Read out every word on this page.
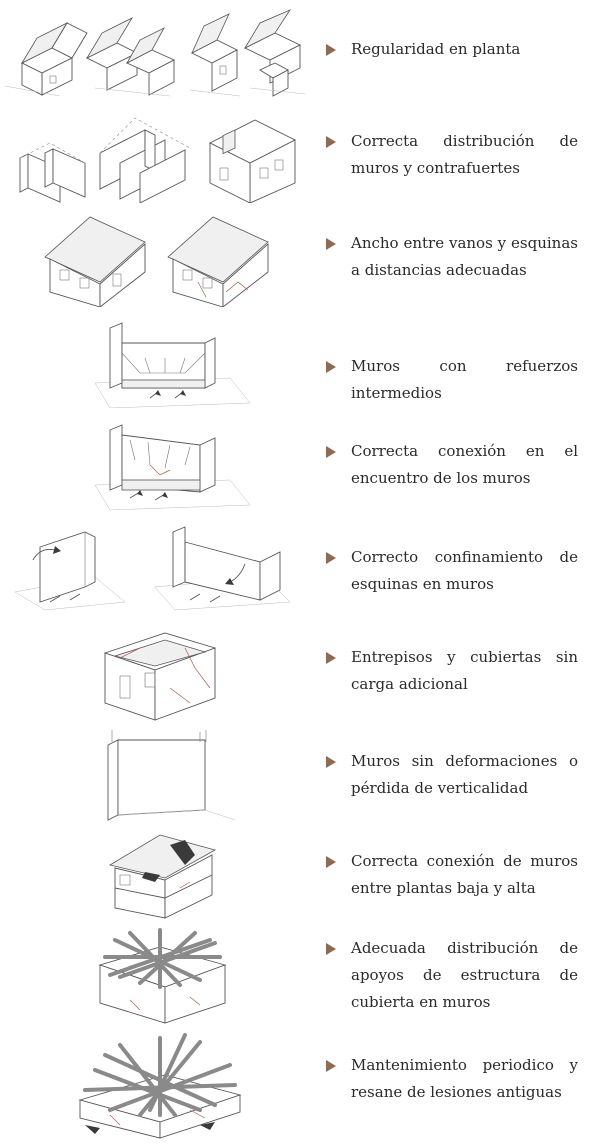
Regularidad en planta
Correcta distribución de muros y contrafuertes
Ancho entre vanos y esquinas a distancias adecuadas
Muros con refuerzos intermedios
Correcta conexión en el encuentro de los muros
Correcto confinamiento de esquinas en muros
Entrepisos y cubiertas sin carga adicional
Muros sin deformaciones o pérdida de verticalidad
Correcta conexión de muros entre plantas baja y alta
Adecuada distribución de apoyos de estructura de cubierta en muros
Mantenimiento periodico y resane de lesiones antiguas
